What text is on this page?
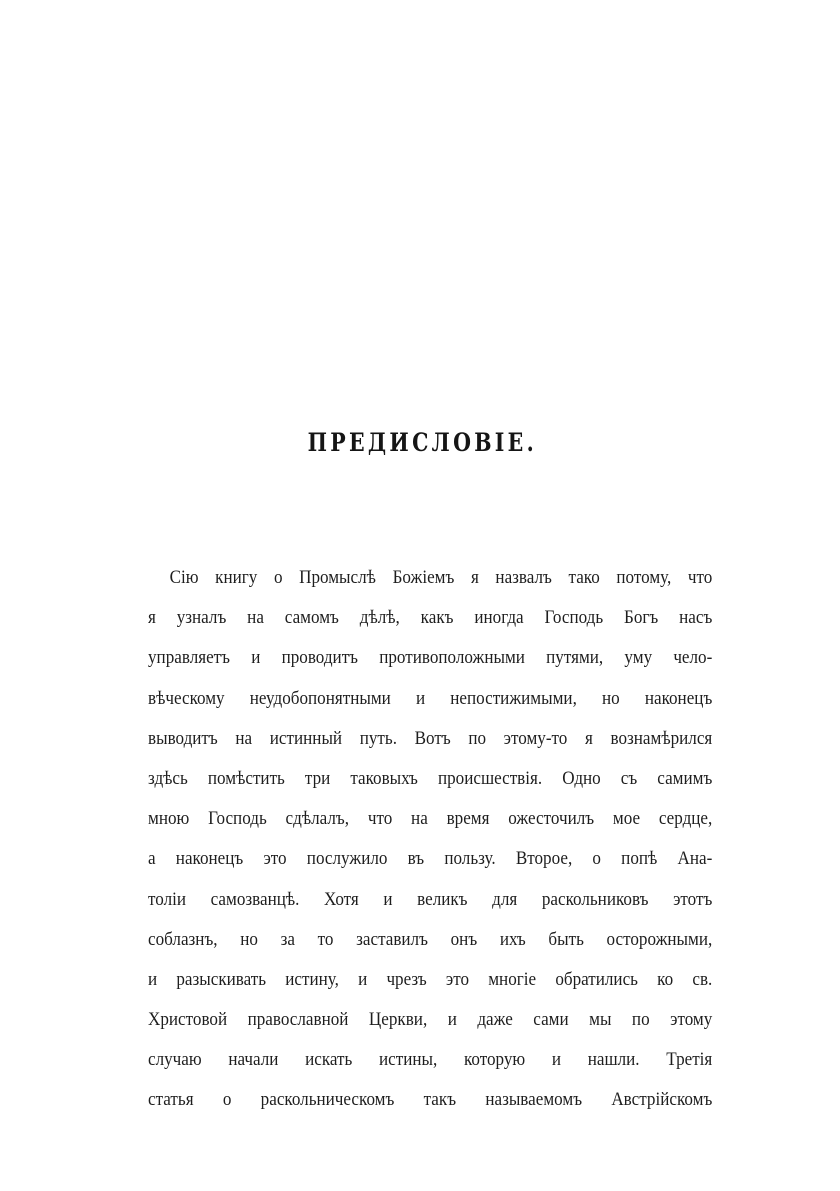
ПРЕДИСЛОВІЕ.
Сію книгу о Промыслѣ Божіемъ я назвалъ тако потому, что
я узналъ на самомъ дѣлѣ, какъ иногда Господь Богъ насъ
управляетъ и проводитъ противоположными путями, уму чело-
вѣческому неудобопонятными и непостижимыми, но наконецъ
выводитъ на истинный путь. Вотъ по этому-то я вознамѣрился
здѣсь помѣстить три таковыхъ происшествія. Одно съ самимъ
мною Господь сдѣлалъ, что на время ожесточилъ мое сердце,
а наконецъ это послужило въ пользу. Второе, о попѣ Ана-
толіи самозванцѣ. Хотя и великъ для раскольниковъ этотъ
соблазнъ, но за то заставилъ онъ ихъ быть осторожными,
и разыскивать истину, и чрезъ это многіе обратились ко св.
Христовой православной Церкви, и даже сами мы по этому
случаю начали искать истины, которую и нашли. Третія
статья о раскольническомъ такъ называемомъ Австрійскомъ
